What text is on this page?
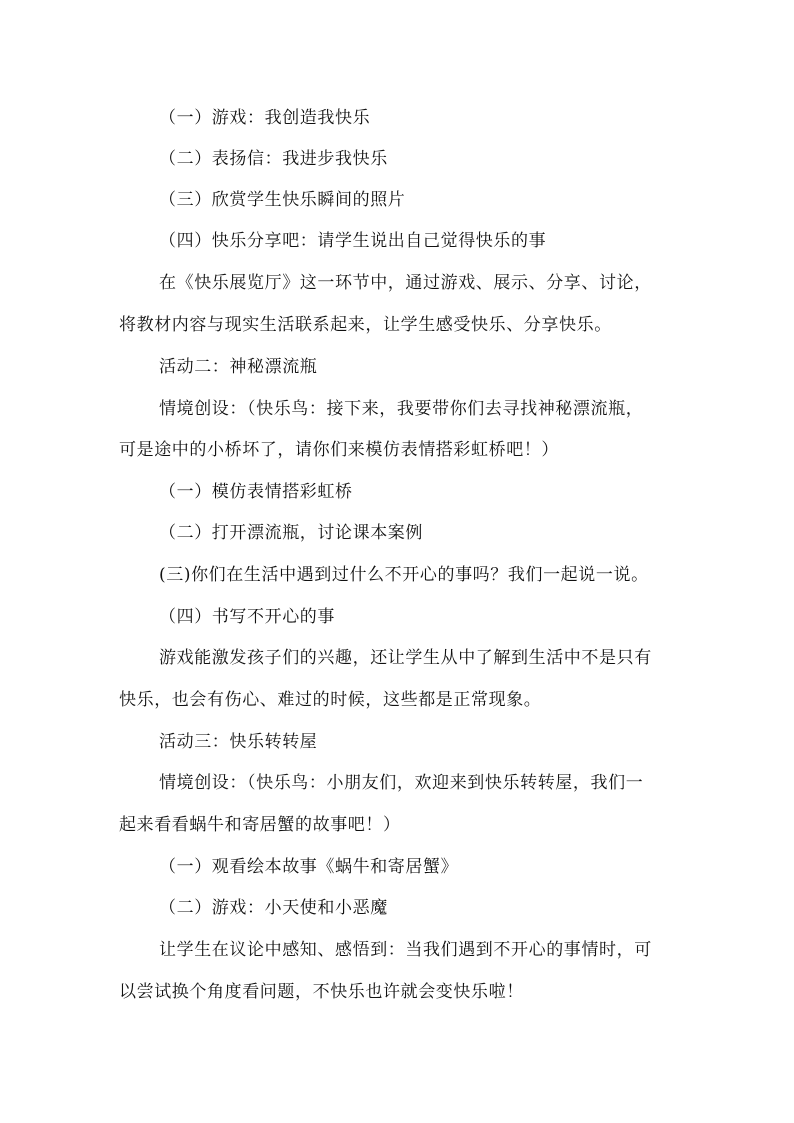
（一）游戏：我创造我快乐
（二）表扬信：我进步我快乐
（三）欣赏学生快乐瞬间的照片
（四）快乐分享吧：请学生说出自己觉得快乐的事
在《快乐展览厅》这一环节中，通过游戏、展示、分享、讨论，
将教材内容与现实生活联系起来，让学生感受快乐、分享快乐。
活动二：神秘漂流瓶
情境创设：（快乐鸟：接下来，我要带你们去寻找神秘漂流瓶，
可是途中的小桥坏了，请你们来模仿表情搭彩虹桥吧！）
（一）模仿表情搭彩虹桥
（二）打开漂流瓶，讨论课本案例
(三)你们在生活中遇到过什么不开心的事吗？我们一起说一说。
（四）书写不开心的事
游戏能激发孩子们的兴趣，还让学生从中了解到生活中不是只有
快乐，也会有伤心、难过的时候，这些都是正常现象。
活动三：快乐转转屋
情境创设：（快乐鸟：小朋友们，欢迎来到快乐转转屋，我们一
起来看看蜗牛和寄居蟹的故事吧！）
（一）观看绘本故事《蜗牛和寄居蟹》
（二）游戏：小天使和小恶魔
让学生在议论中感知、感悟到：当我们遇到不开心的事情时，可
以尝试换个角度看问题，不快乐也许就会变快乐啦！
